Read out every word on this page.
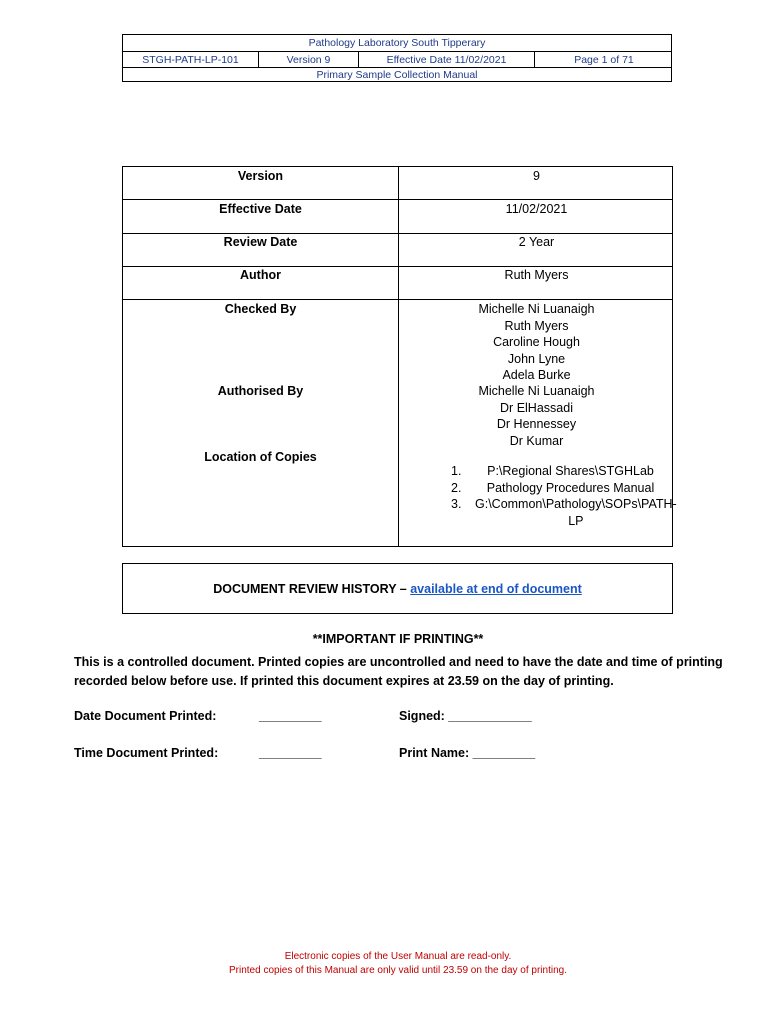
Pathology Laboratory South Tipperary
STGH-PATH-LP-101	Version 9	Effective Date 11/02/2021	Page 1 of 71
Primary Sample Collection Manual
Version	9
Effective Date	11/02/2021
Review Date	2 Year
Author	Ruth Myers
Checked By	Michelle Ni Luanaigh
Ruth Myers
Caroline Hough
John Lyne
Adela Burke
Authorised By	Michelle Ni Luanaigh
Dr ElHassadi
Dr Hennessey
Dr Kumar
Location of Copies
1.	P:\Regional Shares\STGHLab
2.	Pathology Procedures Manual
3.	G:\Common\Pathology\SOPs\PATH-LP
DOCUMENT REVIEW HISTORY – available at end of document
**IMPORTANT IF PRINTING**
This is a controlled document. Printed copies are uncontrolled and need to have the date and time of printing recorded below before use. If printed this document expires at 23.59 on the day of printing.
Date Document Printed:	_________	Signed: ____________
Time Document Printed:	_________	Print Name: _________
Electronic copies of the User Manual are read-only.
Printed copies of this Manual are only valid until 23.59 on the day of printing.
